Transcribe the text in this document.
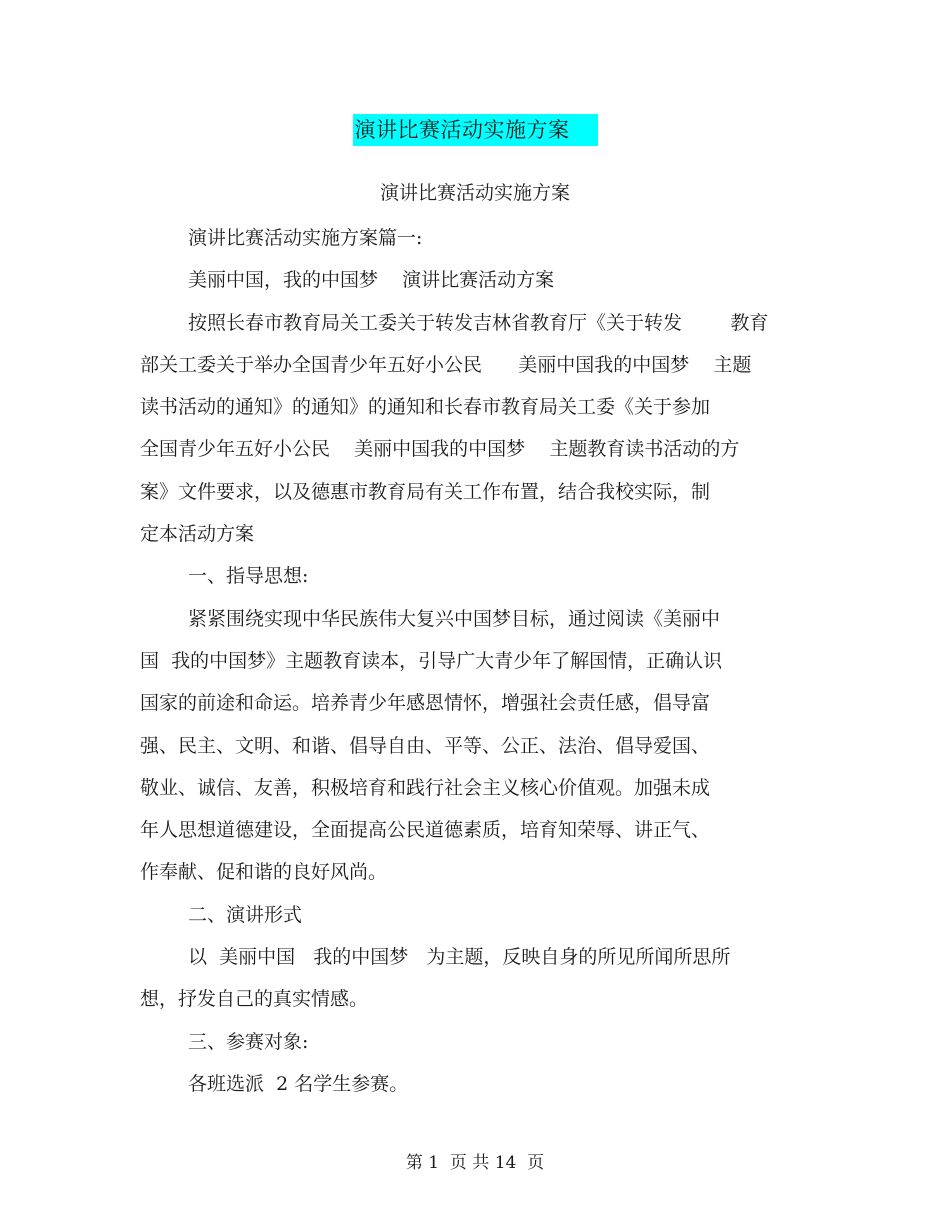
演讲比赛活动实施方案
演讲比赛活动实施方案
演讲比赛活动实施方案篇一:
美丽中国，我的中国梦    演讲比赛活动方案
按照长春市教育局关工委关于转发吉林省教育厅《关于转发        教育
部关工委关于举办全国青少年五好小公民      美丽中国我的中国梦    主题
读书活动的通知》的通知》的通知和长春市教育局关工委《关于参加
全国青少年五好小公民    美丽中国我的中国梦    主题教育读书活动的方
案》文件要求，以及德惠市教育局有关工作布置，结合我校实际，制
定本活动方案
一、指导思想:
紧紧围绕实现中华民族伟大复兴中国梦目标，通过阅读《美丽中
国  我的中国梦》主题教育读本，引导广大青少年了解国情，正确认识
国家的前途和命运。培养青少年感恩情怀，增强社会责任感，倡导富
强、民主、文明、和谐、倡导自由、平等、公正、法治、倡导爱国、
敬业、诚信、友善，积极培育和践行社会主义核心价值观。加强未成
年人思想道德建设，全面提高公民道德素质，培育知荣辱、讲正气、
作奉献、促和谐的良好风尚。
二、演讲形式
以  美丽中国   我的中国梦   为主题，反映自身的所见所闻所思所
想，抒发自己的真实情感。
三、参赛对象:
各班选派  2 名学生参赛。
第 1  页 共 14  页
